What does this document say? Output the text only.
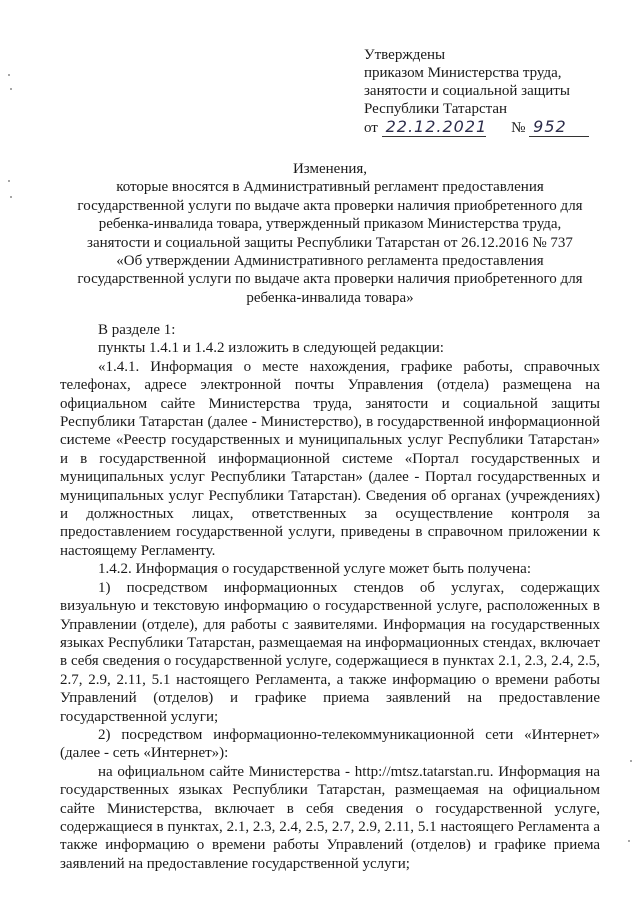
Утверждены
приказом Министерства труда,
занятости и социальной защиты
Республики Татарстан
от 22.12.2021 № 952
Изменения,
которые вносятся в Административный регламент предоставления
государственной услуги по выдаче акта проверки наличия приобретенного для
ребенка-инвалида товара, утвержденный приказом Министерства труда,
занятости и социальной защиты Республики Татарстан от 26.12.2016 № 737
«Об утверждении Административного регламента предоставления
государственной услуги по выдаче акта проверки наличия приобретенного для
ребенка-инвалида товара»

В разделе 1:

пункты 1.4.1 и 1.4.2 изложить в следующей редакции:

«1.4.1. Информация о месте нахождения, графике работы, справочных телефонах, адресе электронной почты Управления (отдела) размещена на официальном сайте Министерства труда, занятости и социальной защиты Республики Татарстан (далее - Министерство), в государственной информационной системе «Реестр государственных и муниципальных услуг Республики Татарстан» и в государственной информационной системе «Портал государственных и муниципальных услуг Республики Татарстан» (далее - Портал государственных и муниципальных услуг Республики Татарстан). Сведения об органах (учреждениях) и должностных лицах, ответственных за осуществление контроля за предоставлением государственной услуги, приведены в справочном приложении к настоящему Регламенту.

1.4.2. Информация о государственной услуге может быть получена:

1) посредством информационных стендов об услугах, содержащих визуальную и текстовую информацию о государственной услуге, расположенных в Управлении (отделе), для работы с заявителями. Информация на государственных языках Республики Татарстан, размещаемая на информационных стендах, включает в себя сведения о государственной услуге, содержащиеся в пунктах 2.1, 2.3, 2.4, 2.5, 2.7, 2.9, 2.11, 5.1 настоящего Регламента, а также информацию о времени работы Управлений (отделов) и графике приема заявлений на предоставление государственной услуги;

2) посредством информационно-телекоммуникационной сети «Интернет» (далее - сеть «Интернет»):

на официальном сайте Министерства - http://mtsz.tatarstan.ru. Информация на государственных языках Республики Татарстан, размещаемая на официальном сайте Министерства, включает в себя сведения о государственной услуге, содержащиеся в пунктах, 2.1, 2.3, 2.4, 2.5, 2.7, 2.9, 2.11, 5.1 настоящего Регламента а также информацию о времени работы Управлений (отделов) и графике приема заявлений на предоставление государственной услуги;
